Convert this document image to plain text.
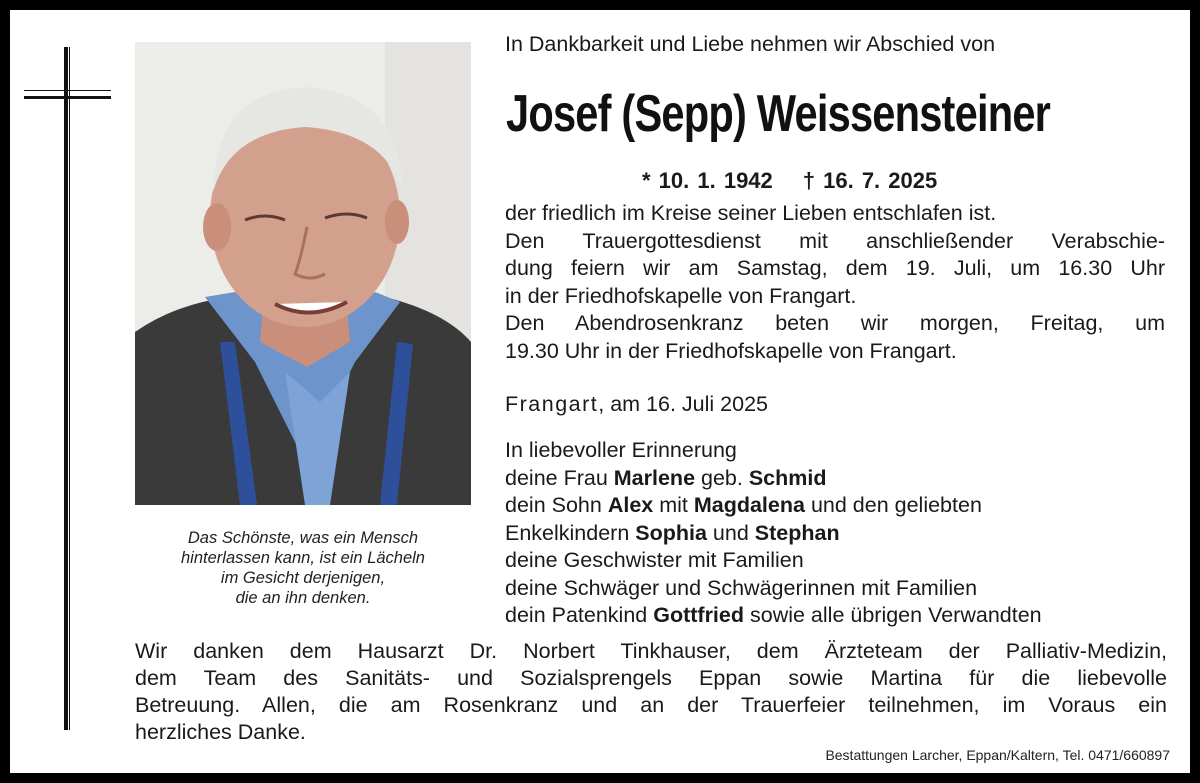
Das Schönste, was ein Mensch
hinterlassen kann, ist ein Lächeln
im Gesicht derjenigen,
die an ihn denken.
In Dankbarkeit und Liebe nehmen wir Abschied von
Josef (Sepp) Weissensteiner
* 10. 1. 1942 † 16. 7. 2025
der friedlich im Kreise seiner Lieben entschlafen ist.
Den Trauergottesdienst mit anschließender Verabschie-
dung feiern wir am Samstag, dem 19. Juli, um 16.30 Uhr
in der Friedhofskapelle von Frangart.
Den Abendrosenkranz beten wir morgen, Freitag, um
19.30 Uhr in der Friedhofskapelle von Frangart.
Frangart, am 16. Juli 2025
In liebevoller Erinnerung
deine Frau Marlene geb. Schmid
dein Sohn Alex mit Magdalena und den geliebten
Enkelkindern Sophia und Stephan
deine Geschwister mit Familien
deine Schwäger und Schwägerinnen mit Familien
dein Patenkind Gottfried sowie alle übrigen Verwandten
Wir danken dem Hausarzt Dr. Norbert Tinkhauser, dem Ärzteteam der Palliativ-Medizin,
dem Team des Sanitäts- und Sozialsprengels Eppan sowie Martina für die liebevolle
Betreuung. Allen, die am Rosenkranz und an der Trauerfeier teilnehmen, im Voraus ein
herzliches Danke.
Bestattungen Larcher, Eppan/Kaltern, Tel. 0471/660897
